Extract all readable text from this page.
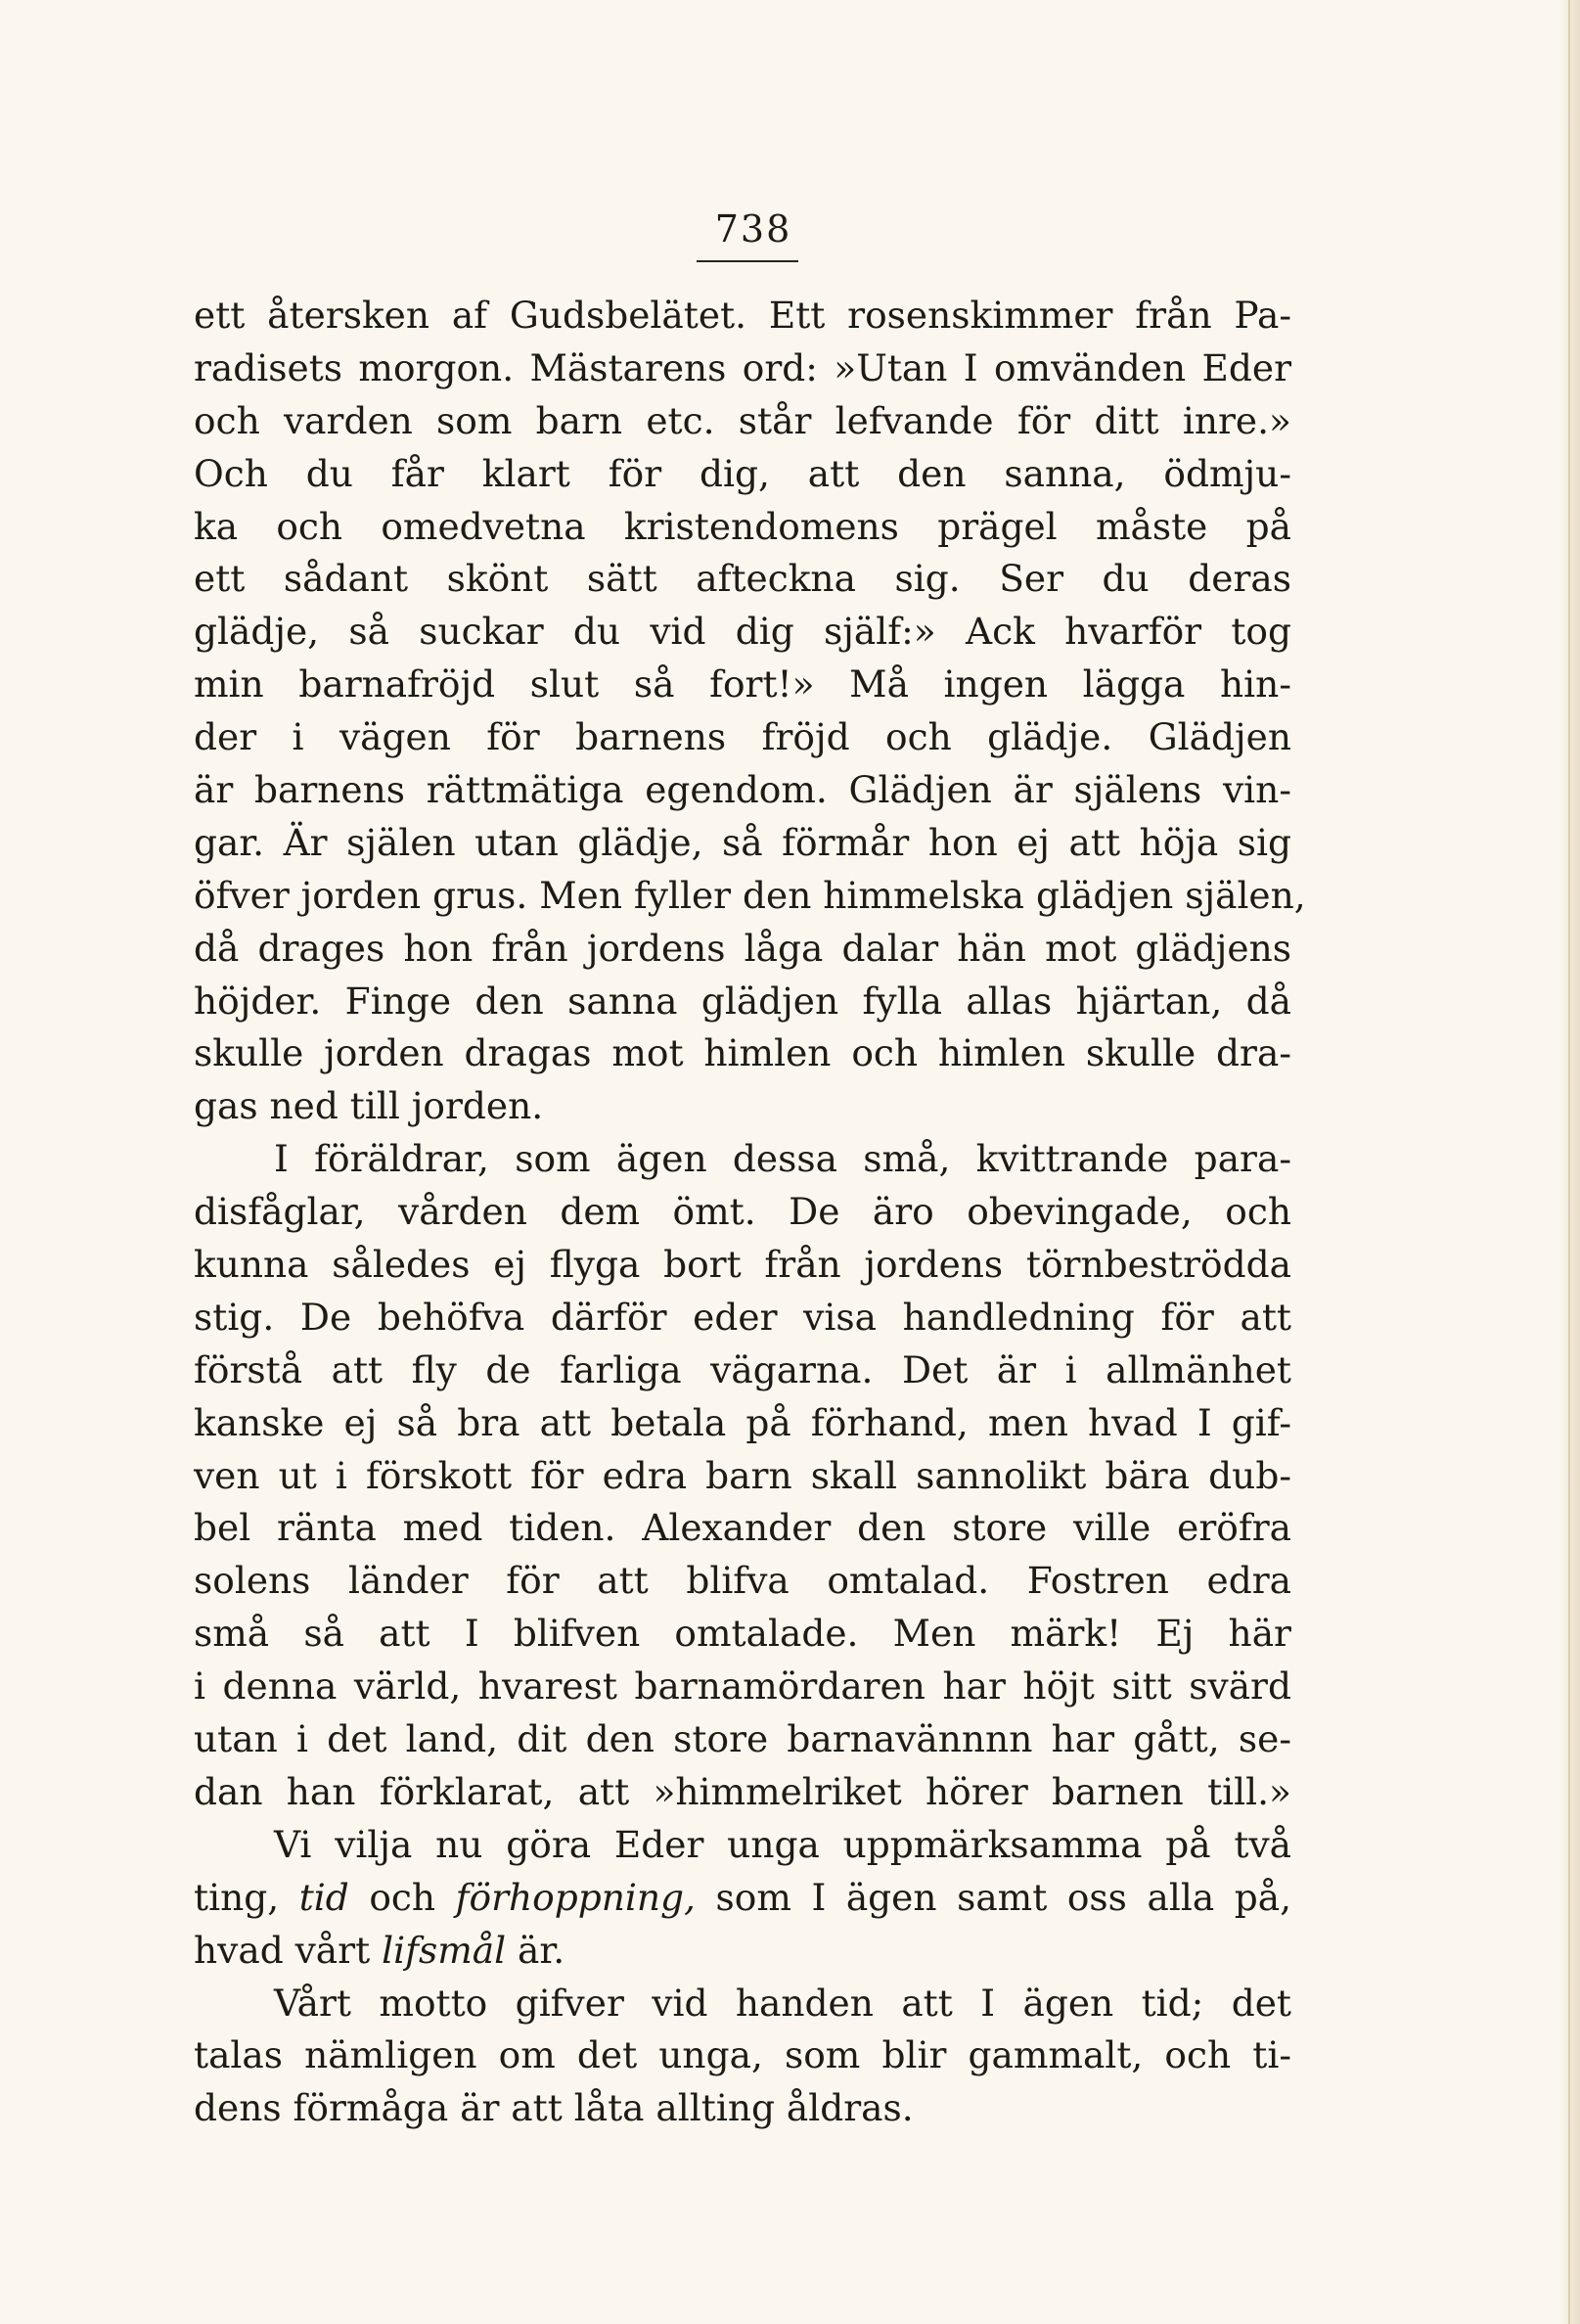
738
ett återsken af Gudsbelätet. Ett rosenskimmer från Pa-
radisets morgon. Mästarens ord: »Utan I omvänden Eder
och varden som barn etc. står lefvande för ditt inre.»
Och du får klart för dig, att den sanna, ödmju-
ka och omedvetna kristendomens prägel måste på
ett sådant skönt sätt afteckna sig. Ser du deras
glädje, så suckar du vid dig själf:» Ack hvarför tog
min barnafröjd slut så fort!» Må ingen lägga hin-
der i vägen för barnens fröjd och glädje. Glädjen
är barnens rättmätiga egendom. Glädjen är själens vin-
gar. Är själen utan glädje, så förmår hon ej att höja sig
öfver jorden grus. Men fyller den himmelska glädjen själen,
då drages hon från jordens låga dalar hän mot glädjens
höjder. Finge den sanna glädjen fylla allas hjärtan, då
skulle jorden dragas mot himlen och himlen skulle dra-
gas ned till jorden.
I föräldrar, som ägen dessa små, kvittrande para-
disfåglar, vården dem ömt. De äro obevingade, och
kunna således ej flyga bort från jordens törnbeströdda
stig. De behöfva därför eder visa handledning för att
förstå att fly de farliga vägarna. Det är i allmänhet
kanske ej så bra att betala på förhand, men hvad I gif-
ven ut i förskott för edra barn skall sannolikt bära dub-
bel ränta med tiden. Alexander den store ville eröfra
solens länder för att blifva omtalad. Fostren edra
små så att I blifven omtalade. Men märk! Ej här
i denna värld, hvarest barnamördaren har höjt sitt svärd
utan i det land, dit den store barnavännnn har gått, se-
dan han förklarat, att »himmelriket hörer barnen till.»
Vi vilja nu göra Eder unga uppmärksamma på två
ting, tid och förhoppning, som I ägen samt oss alla på,
hvad vårt lifsmål är.
Vårt motto gifver vid handen att I ägen tid; det
talas nämligen om det unga, som blir gammalt, och ti-
dens förmåga är att låta allting åldras.
